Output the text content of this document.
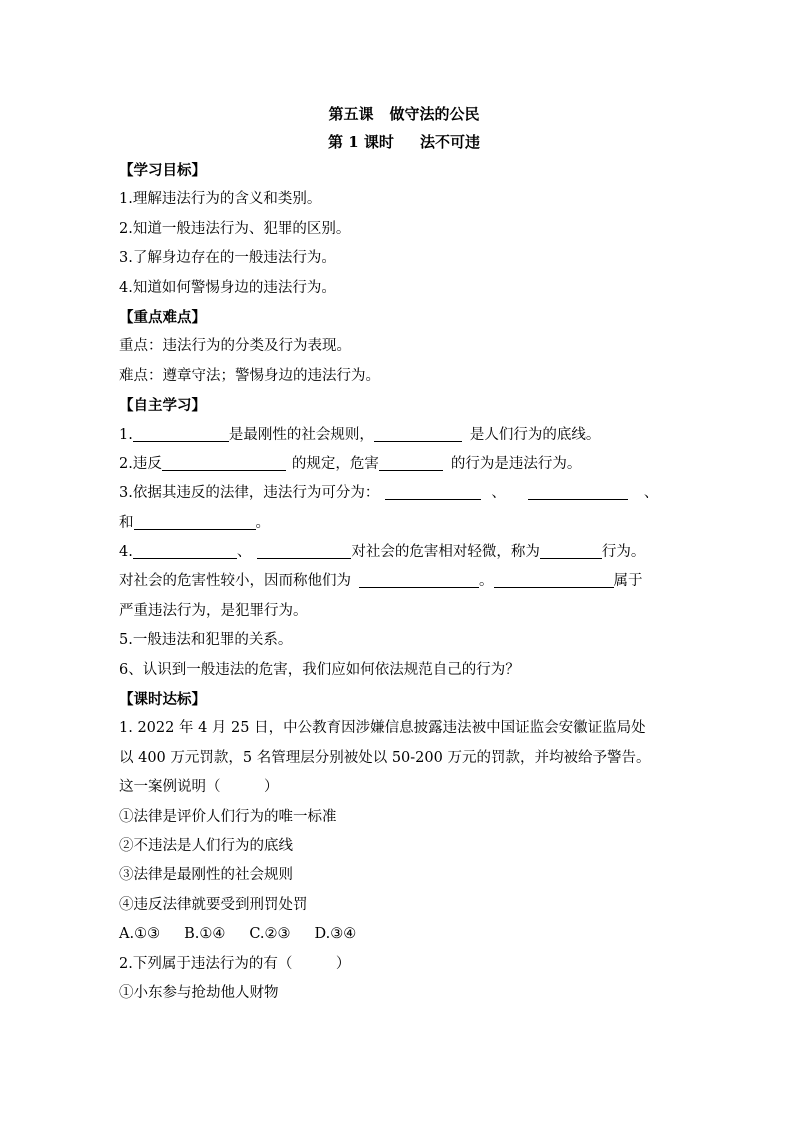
第五课 做守法的公民

第 1 课时 法不可违

【学习目标】

1.理解违法行为的含义和类别。

2.知道一般违法行为、犯罪的区别。

3.了解身边存在的一般违法行为。

4.知道如何警惕身边的违法行为。

【重点难点】

重点：违法行为的分类及行为表现。

难点：遵章守法；警惕身边的违法行为。

【自主学习】

1.	是最刚性的社会规则，	是人们行为的底线。

2.违反	的规定，危害	的行为是违法行为。

3.依据其违反的法律，违法行为可分为：	、	、

和	。

4.	、	对社会的危害相对轻微，称为	行为。

对社会的危害性较小，因而称他们为	。	属于

严重违法行为，是犯罪行为。

5.一般违法和犯罪的关系。

6、认识到一般违法的危害，我们应如何依法规范自己的行为？

【课时达标】

1. 2022 年 4 月 25 日，中公教育因涉嫌信息披露违法被中国证监会安徽证监局处

以 400 万元罚款，5 名管理层分别被处以 50-200 万元的罚款，并均被给予警告。

这一案例说明（　　　）

①法律是评价人们行为的唯一标准

②不违法是人们行为的底线

③法律是最刚性的社会规则

④违反法律就要受到刑罚处罚

A.①③ B.①④ C.②③ D.③④

2.下列属于违法行为的有（　　　）

①小东参与抢劫他人财物
